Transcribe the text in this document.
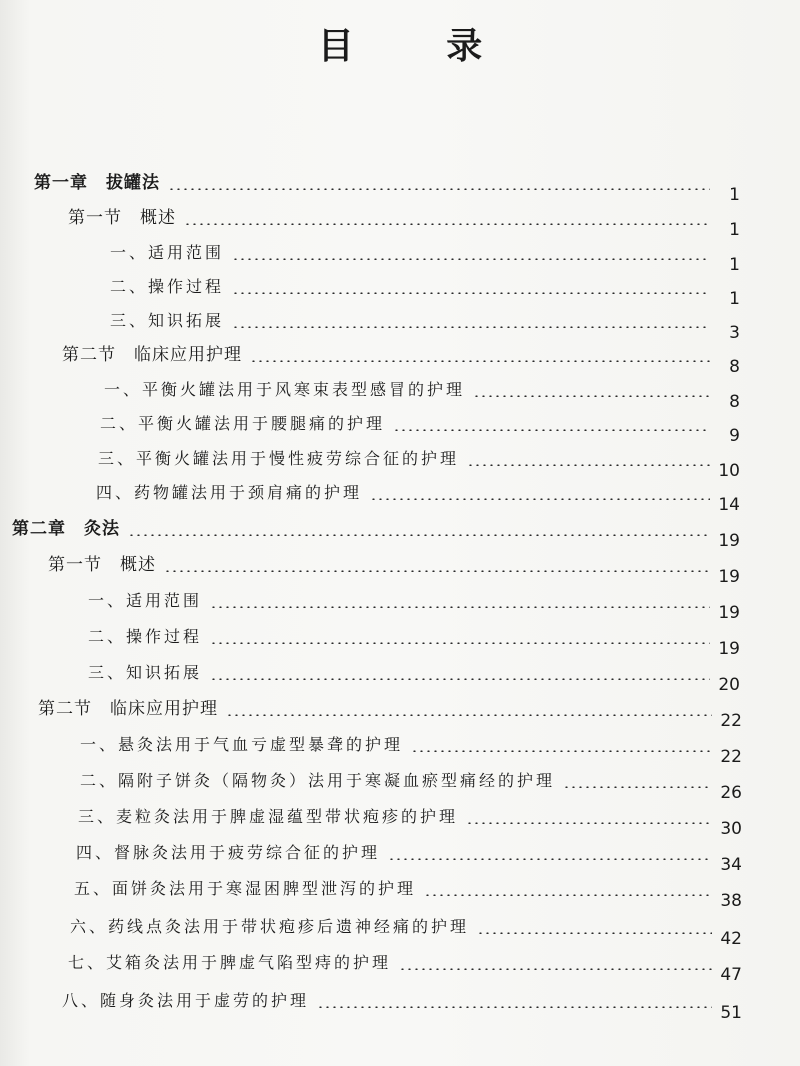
目 录
第一章　拔罐法
1
第一节　概述
1
一、适用范围
1
二、操作过程
1
三、知识拓展
3
第二节　临床应用护理
8
一、平衡火罐法用于风寒束表型感冒的护理
8
二、平衡火罐法用于腰腿痛的护理
9
三、平衡火罐法用于慢性疲劳综合征的护理
10
四、药物罐法用于颈肩痛的护理
14
第二章　灸法
19
第一节　概述
19
一、适用范围
19
二、操作过程
19
三、知识拓展
20
第二节　临床应用护理
22
一、悬灸法用于气血亏虚型暴聋的护理
22
二、隔附子饼灸（隔物灸）法用于寒凝血瘀型痛经的护理
26
三、麦粒灸法用于脾虚湿蕴型带状疱疹的护理
30
四、督脉灸法用于疲劳综合征的护理
34
五、面饼灸法用于寒湿困脾型泄泻的护理
38
六、药线点灸法用于带状疱疹后遗神经痛的护理
42
七、艾箱灸法用于脾虚气陷型痔的护理
47
八、随身灸法用于虚劳的护理
51
